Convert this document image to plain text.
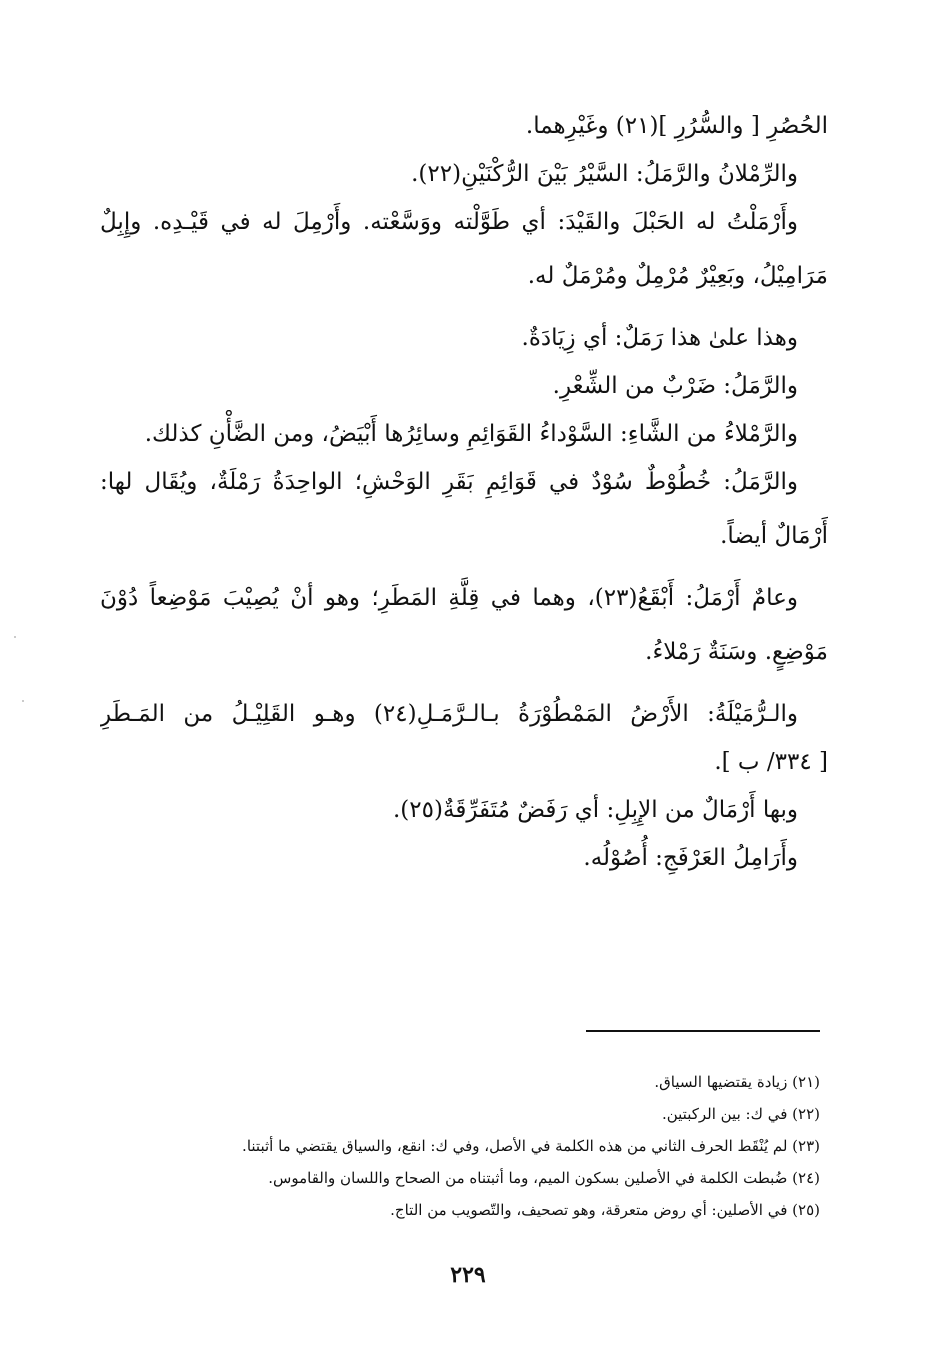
الحُصُرِ [ والسُّرُرِ ](٢١) وغَيْرِهما.
والرِّمْلانُ والرَّمَلُ: السَّيْرُ بَيْنَ الرُّكْنَيْنِ(٢٢).
وأَرْمَلْتُ له الحَبْلَ والقَيْدَ: أي طَوَّلْته ووَسَّعْته. وأَرْمِلَ له في قَيْـدِه. وإِبِلٌ
مَرَامِيْلُ، وبَعِيْرٌ مُرْمِلٌ ومُرْمَلٌ له.
وهذا علىٰ هذا رَمَلٌ: أي زِيَادَةٌ.
والرَّمَلُ: ضَرْبٌ من الشِّعْرِ.
والرَّمْلاءُ من الشَّاءِ: السَّوْداءُ القَوَائِمِ وسائِرُها أَبْيَضُ، ومن الضَّأْنِ كذلك.
والرَّمَلُ: خُطُوْطٌ سُوْدٌ في قَوَائِمِ بَقَرِ الوَحْشِ؛ الواحِدَةُ رَمْلَةٌ، ويُقَال لها:
أَرْمَالٌ أيضاً.
وعامٌ أَرْمَلُ: أَبْقَعُ(٢٣)، وهما في قِلَّةِ المَطَرِ؛ وهو أنْ يُصِيْبَ مَوْضِعاً دُوْنَ
مَوْضِعٍ. وسَنَةٌ رَمْلاءُ.
والـرُّمَيْلَةُ: الأَرْضُ المَمْطُوْرَةُ بـالـرَّمَـلِ(٢٤) وهـو القَلِيْـلُ من المَـطَرِ
[ ٣٣٤/ ب ].
وبها أَرْمَالٌ من الإِبِلِ: أي رَفَضٌ مُتَفَرِّقَةٌ(٢٥).
وأَرَامِلُ العَرْفَجِ: أُصُوْلُه.
(٢١) زيادة يقتضيها السياق.
(٢٢) في ك: بين الركبتين.
(٢٣) لم يُنْقَط الحرف الثاني من هذه الكلمة في الأصل، وفي ك: انقع، والسياق يقتضي ما أثبتنا.
(٢٤) ضُبطت الكلمة في الأصلين بسكون الميم، وما أثبتناه من الصحاح واللسان والقاموس.
(٢٥) في الأصلين: أي روض متعرقة، وهو تصحيف، والتّصويب من التاج.
٢٢٩
